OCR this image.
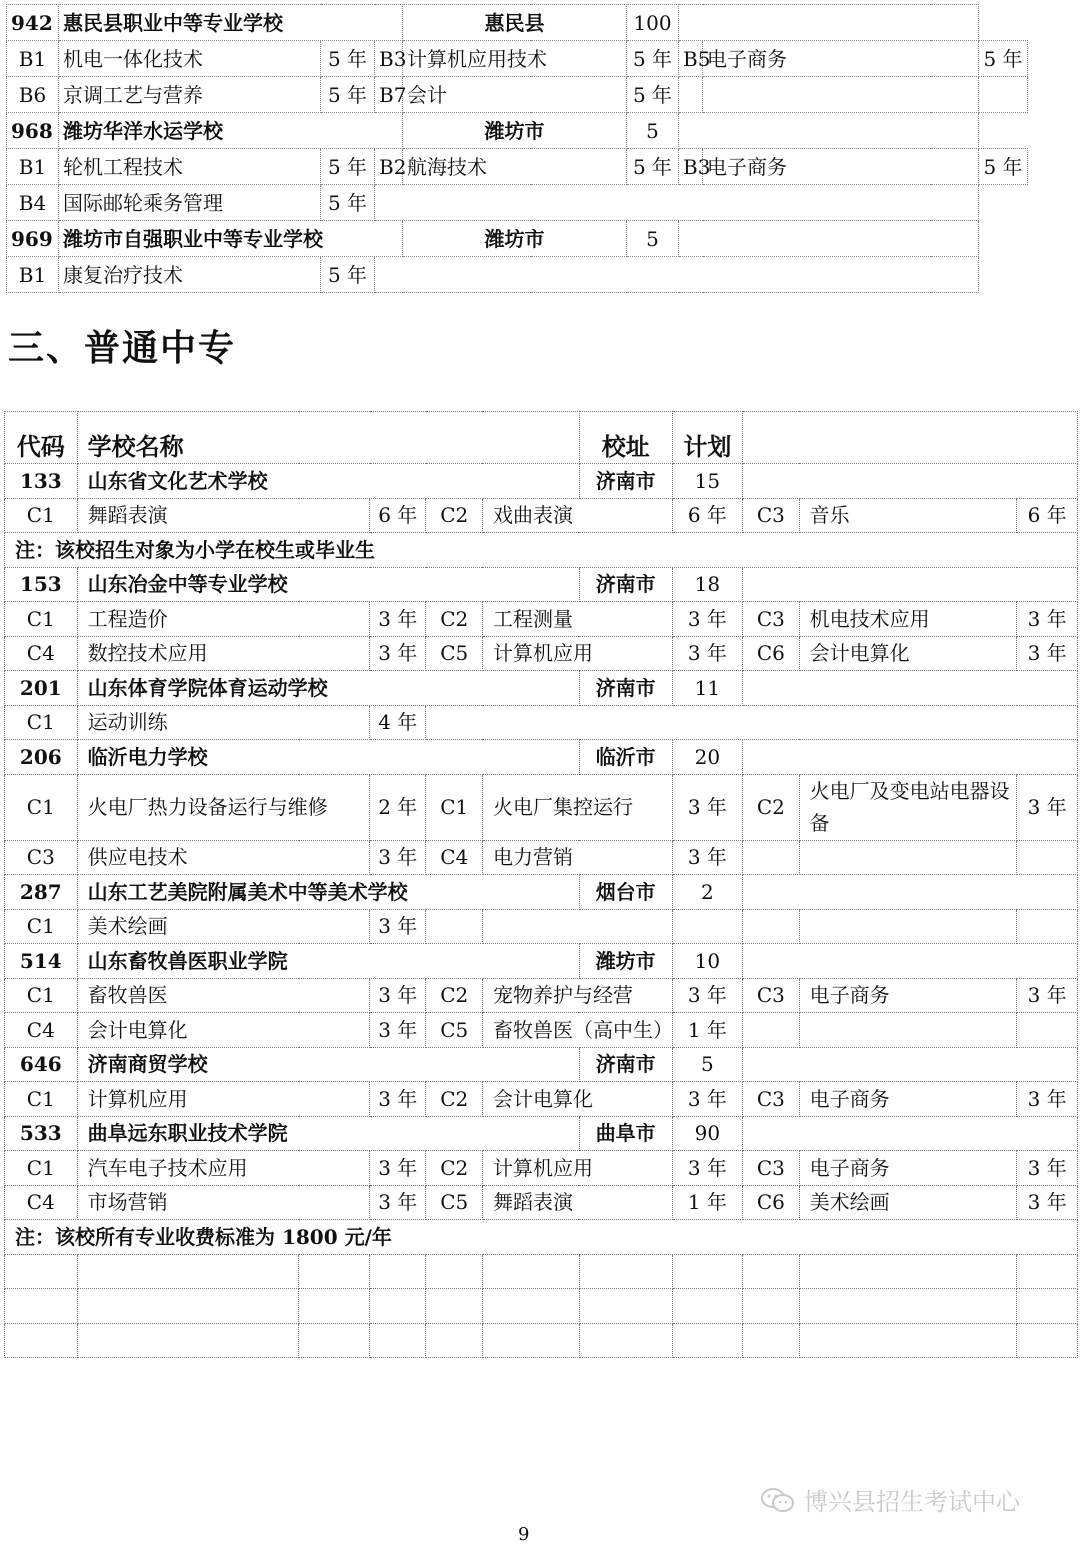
942	惠民县职业中等专业学校			惠民县	100			
B1	机电一体化技术	5 年	B3	计算机应用技术	5 年	B5	电子商务	5 年
B6	京调工艺与营养	5 年	B7	会计	5 年			
968	潍坊华洋水运学校			潍坊市	5			
B1	轮机工程技术	5 年	B2	航海技术	5 年	B3	电子商务	5 年
B4	国际邮轮乘务管理	5 年						
969	潍坊市自强职业中等专业学校			潍坊市	5			
B1	康复治疗技术	5 年						
三、普通中专
代码	学校名称					校址	计划			
133	山东省文化艺术学校					济南市	15			
C1	舞蹈表演		6 年	C2	戏曲表演		6 年	C3	音乐	6 年
注：该校招生对象为小学在校生或毕业生										
153	山东冶金中等专业学校					济南市	18			
C1	工程造价		3 年	C2	工程测量		3 年	C3	机电技术应用	3 年
C4	数控技术应用		3 年	C5	计算机应用		3 年	C6	会计电算化	3 年
201	山东体育学院体育运动学校					济南市	11			
C1	运动训练		4 年							
206	临沂电力学校					临沂市	20			
C1	火电厂热力设备运行与维修		2 年	C1	火电厂集控运行		3 年	C2	火电厂及变电站电器设备	3 年
C3	供应电技术		3 年	C4	电力营销		3 年			
287	山东工艺美院附属美术中等美术学校					烟台市	2			
C1	美术绘画		3 年							
514	山东畜牧兽医职业学院					潍坊市	10			
C1	畜牧兽医		3 年	C2	宠物养护与经营		3 年	C3	电子商务	3 年
C4	会计电算化		3 年	C5	畜牧兽医（高中生）		1 年			
646	济南商贸学校					济南市	5			
C1	计算机应用		3 年	C2	会计电算化		3 年	C3	电子商务	3 年
533	曲阜远东职业技术学院					曲阜市	90			
C1	汽车电子技术应用		3 年	C2	计算机应用		3 年	C3	电子商务	3 年
C4	市场营销		3 年	C5	舞蹈表演		1 年	C6	美术绘画	3 年
注：该校所有专业收费标准为 1800 元/年										

博兴县招生考试中心
9
